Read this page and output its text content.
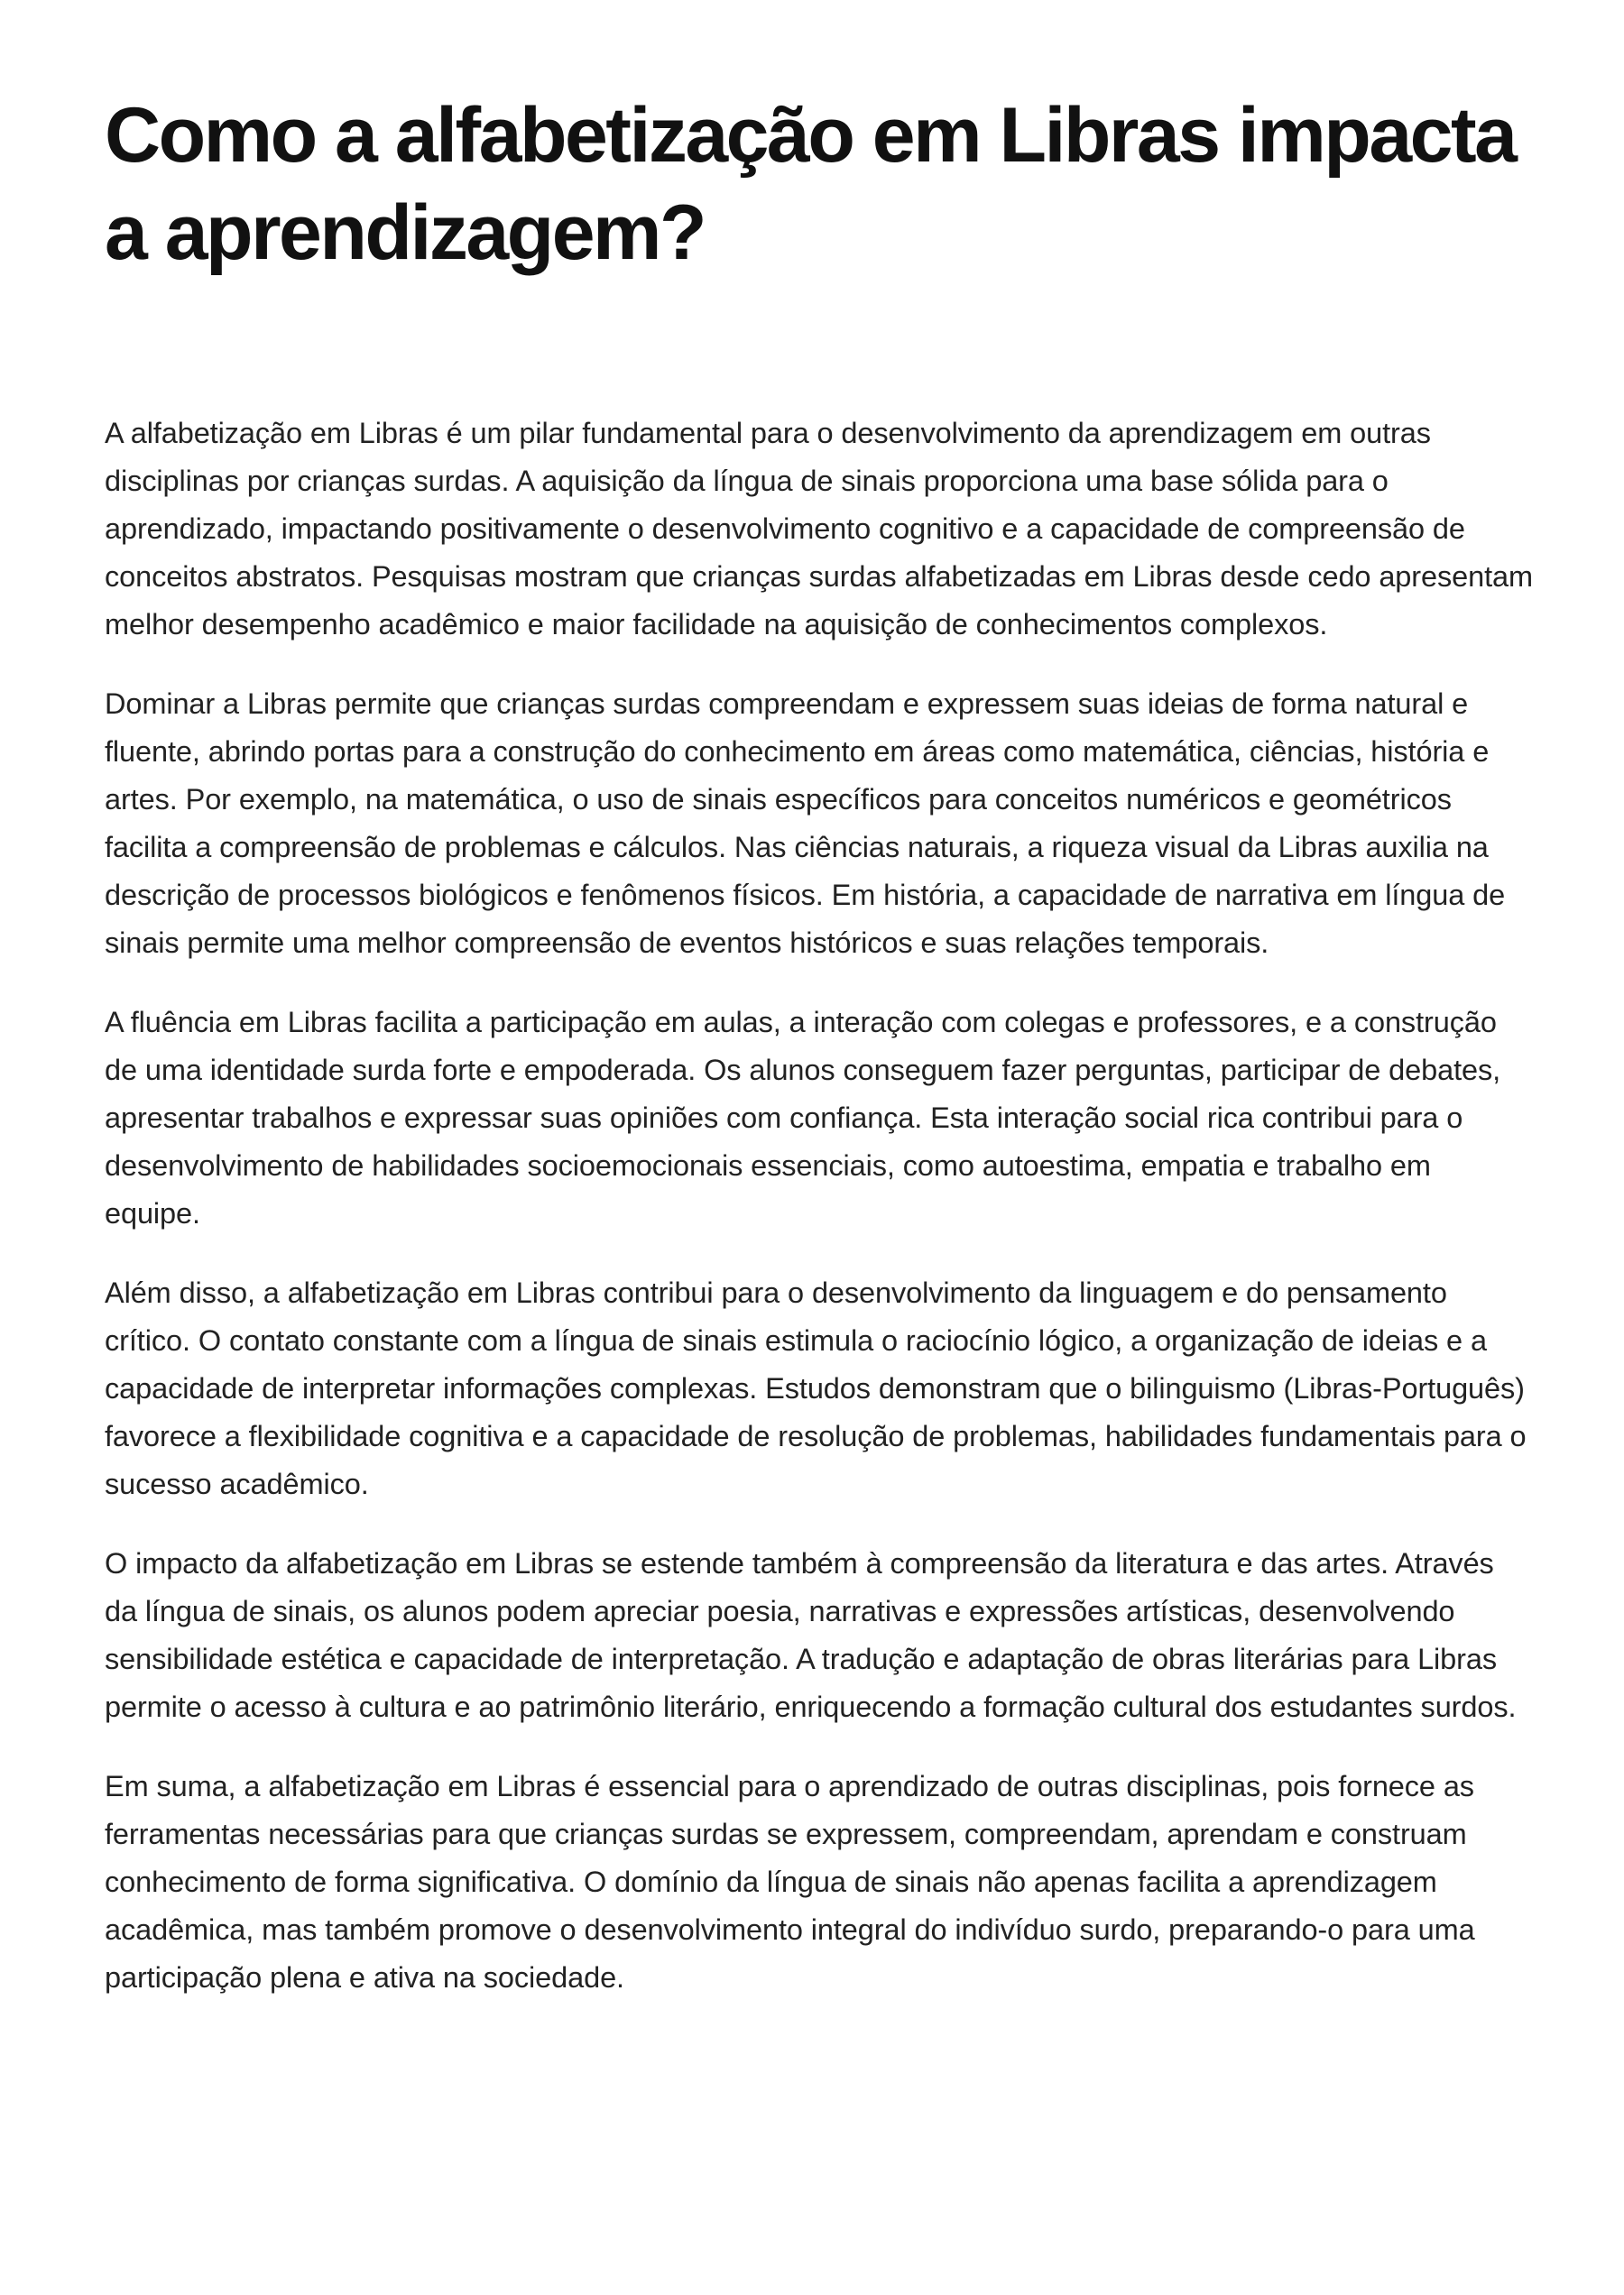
Como a alfabetização em Libras impacta a aprendizagem?

A alfabetização em Libras é um pilar fundamental para o desenvolvimento da aprendizagem em outras disciplinas por crianças surdas. A aquisição da língua de sinais proporciona uma base sólida para o aprendizado, impactando positivamente o desenvolvimento cognitivo e a capacidade de compreensão de conceitos abstratos. Pesquisas mostram que crianças surdas alfabetizadas em Libras desde cedo apresentam melhor desempenho acadêmico e maior facilidade na aquisição de conhecimentos complexos.

Dominar a Libras permite que crianças surdas compreendam e expressem suas ideias de forma natural e fluente, abrindo portas para a construção do conhecimento em áreas como matemática, ciências, história e artes. Por exemplo, na matemática, o uso de sinais específicos para conceitos numéricos e geométricos facilita a compreensão de problemas e cálculos. Nas ciências naturais, a riqueza visual da Libras auxilia na descrição de processos biológicos e fenômenos físicos. Em história, a capacidade de narrativa em língua de sinais permite uma melhor compreensão de eventos históricos e suas relações temporais.

A fluência em Libras facilita a participação em aulas, a interação com colegas e professores, e a construção de uma identidade surda forte e empoderada. Os alunos conseguem fazer perguntas, participar de debates, apresentar trabalhos e expressar suas opiniões com confiança. Esta interação social rica contribui para o desenvolvimento de habilidades socioemocionais essenciais, como autoestima, empatia e trabalho em equipe.

Além disso, a alfabetização em Libras contribui para o desenvolvimento da linguagem e do pensamento crítico. O contato constante com a língua de sinais estimula o raciocínio lógico, a organização de ideias e a capacidade de interpretar informações complexas. Estudos demonstram que o bilinguismo (Libras-Português) favorece a flexibilidade cognitiva e a capacidade de resolução de problemas, habilidades fundamentais para o sucesso acadêmico.

O impacto da alfabetização em Libras se estende também à compreensão da literatura e das artes. Através da língua de sinais, os alunos podem apreciar poesia, narrativas e expressões artísticas, desenvolvendo sensibilidade estética e capacidade de interpretação. A tradução e adaptação de obras literárias para Libras permite o acesso à cultura e ao patrimônio literário, enriquecendo a formação cultural dos estudantes surdos.

Em suma, a alfabetização em Libras é essencial para o aprendizado de outras disciplinas, pois fornece as ferramentas necessárias para que crianças surdas se expressem, compreendam, aprendam e construam conhecimento de forma significativa. O domínio da língua de sinais não apenas facilita a aprendizagem acadêmica, mas também promove o desenvolvimento integral do indivíduo surdo, preparando-o para uma participação plena e ativa na sociedade.
